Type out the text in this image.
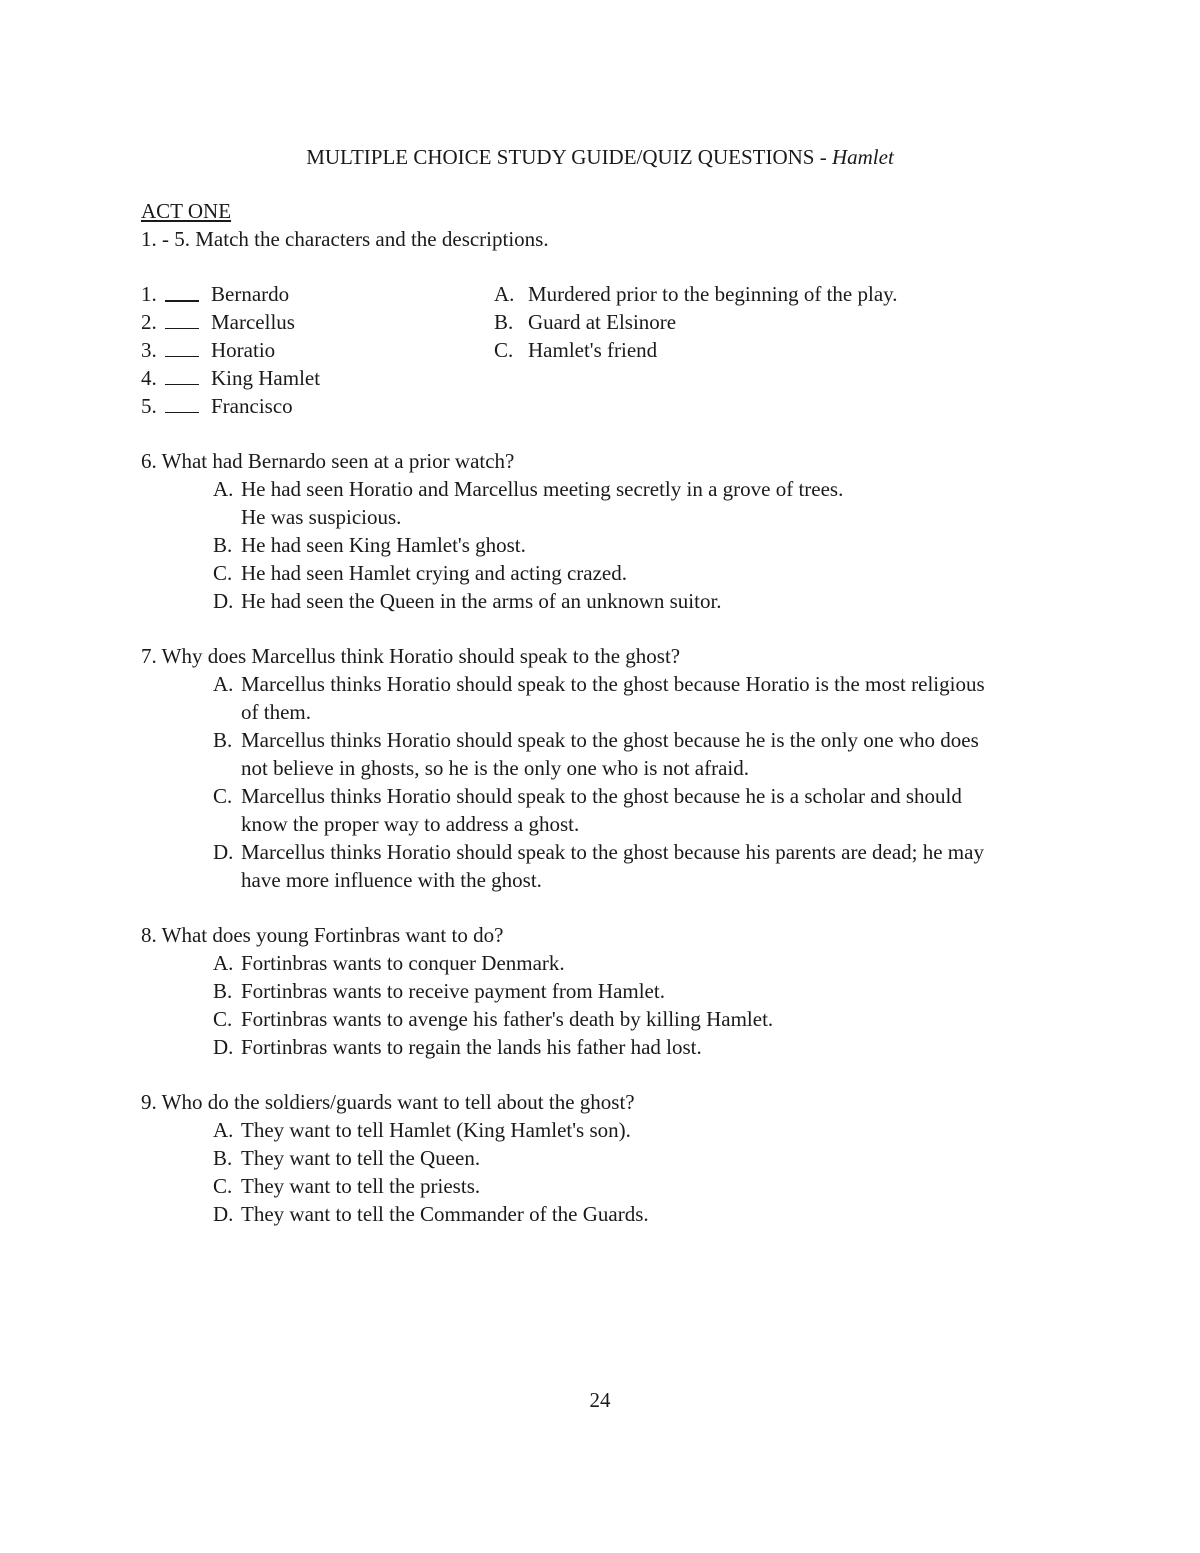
MULTIPLE CHOICE STUDY GUIDE/QUIZ QUESTIONS - Hamlet
ACT ONE
1. - 5. Match the characters and the descriptions.
1.	Bernardo
2.	Marcellus
3.	Horatio
4.	King Hamlet
5.	Francisco
A. Murdered prior to the beginning of the play.
B. Guard at Elsinore
C. Hamlet's friend
6. What had Bernardo seen at a prior watch?
A. He had seen Horatio and Marcellus meeting secretly in a grove of trees. He was suspicious.
B. He had seen King Hamlet's ghost.
C. He had seen Hamlet crying and acting crazed.
D. He had seen the Queen in the arms of an unknown suitor.
7. Why does Marcellus think Horatio should speak to the ghost?
A. Marcellus thinks Horatio should speak to the ghost because Horatio is the most religious of them.
B. Marcellus thinks Horatio should speak to the ghost because he is the only one who does not believe in ghosts, so he is the only one who is not afraid.
C. Marcellus thinks Horatio should speak to the ghost because he is a scholar and should know the proper way to address a ghost.
D. Marcellus thinks Horatio should speak to the ghost because his parents are dead; he may have more influence with the ghost.
8. What does young Fortinbras want to do?
A. Fortinbras wants to conquer Denmark.
B. Fortinbras wants to receive payment from Hamlet.
C. Fortinbras wants to avenge his father's death by killing Hamlet.
D. Fortinbras wants to regain the lands his father had lost.
9. Who do the soldiers/guards want to tell about the ghost?
A. They want to tell Hamlet (King Hamlet's son).
B. They want to tell the Queen.
C. They want to tell the priests.
D. They want to tell the Commander of the Guards.
24
